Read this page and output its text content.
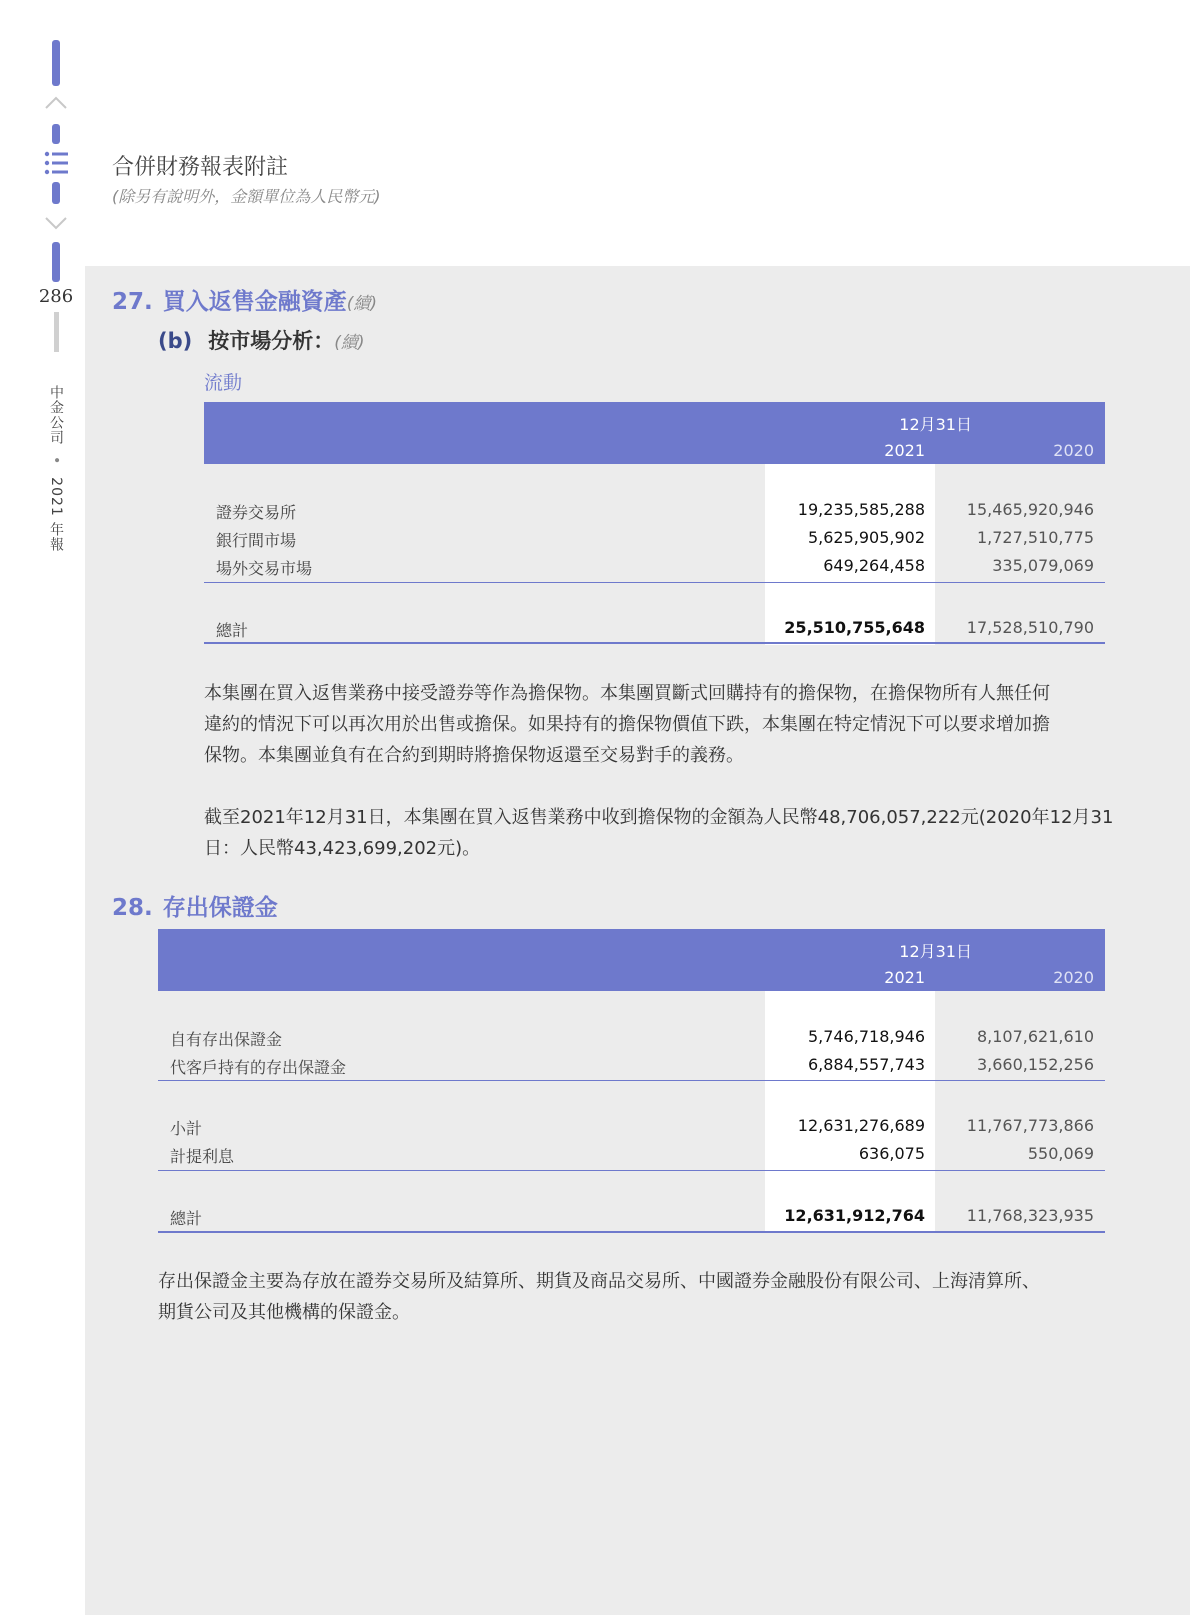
286
中金公司 • 2021 年報
合併財務報表附註
(除另有說明外，金額單位為人民幣元)
27. 買入返售金融資產(續)
(b) 按市場分析：(續)
流動
12月31日
2021	2020
證券交易所	19,235,585,288	15,465,920,946
銀行間市場	5,625,905,902	1,727,510,775
場外交易市場	649,264,458	335,079,069
總計	25,510,755,648	17,528,510,790
本集團在買入返售業務中接受證券等作為擔保物。本集團買斷式回購持有的擔保物，在擔保物所有人無任何
違約的情況下可以再次用於出售或擔保。如果持有的擔保物價值下跌，本集團在特定情況下可以要求增加擔
保物。本集團並負有在合約到期時將擔保物返還至交易對手的義務。
截至2021年12月31日，本集團在買入返售業務中收到擔保物的金額為人民幣48,706,057,222元(2020年12月31
日：人民幣43,423,699,202元)。
28. 存出保證金
12月31日
2021	2020
自有存出保證金	5,746,718,946	8,107,621,610
代客戶持有的存出保證金	6,884,557,743	3,660,152,256
小計	12,631,276,689	11,767,773,866
計提利息	636,075	550,069
總計	12,631,912,764	11,768,323,935
存出保證金主要為存放在證券交易所及結算所、期貨及商品交易所、中國證券金融股份有限公司、上海清算所、
期貨公司及其他機構的保證金。
